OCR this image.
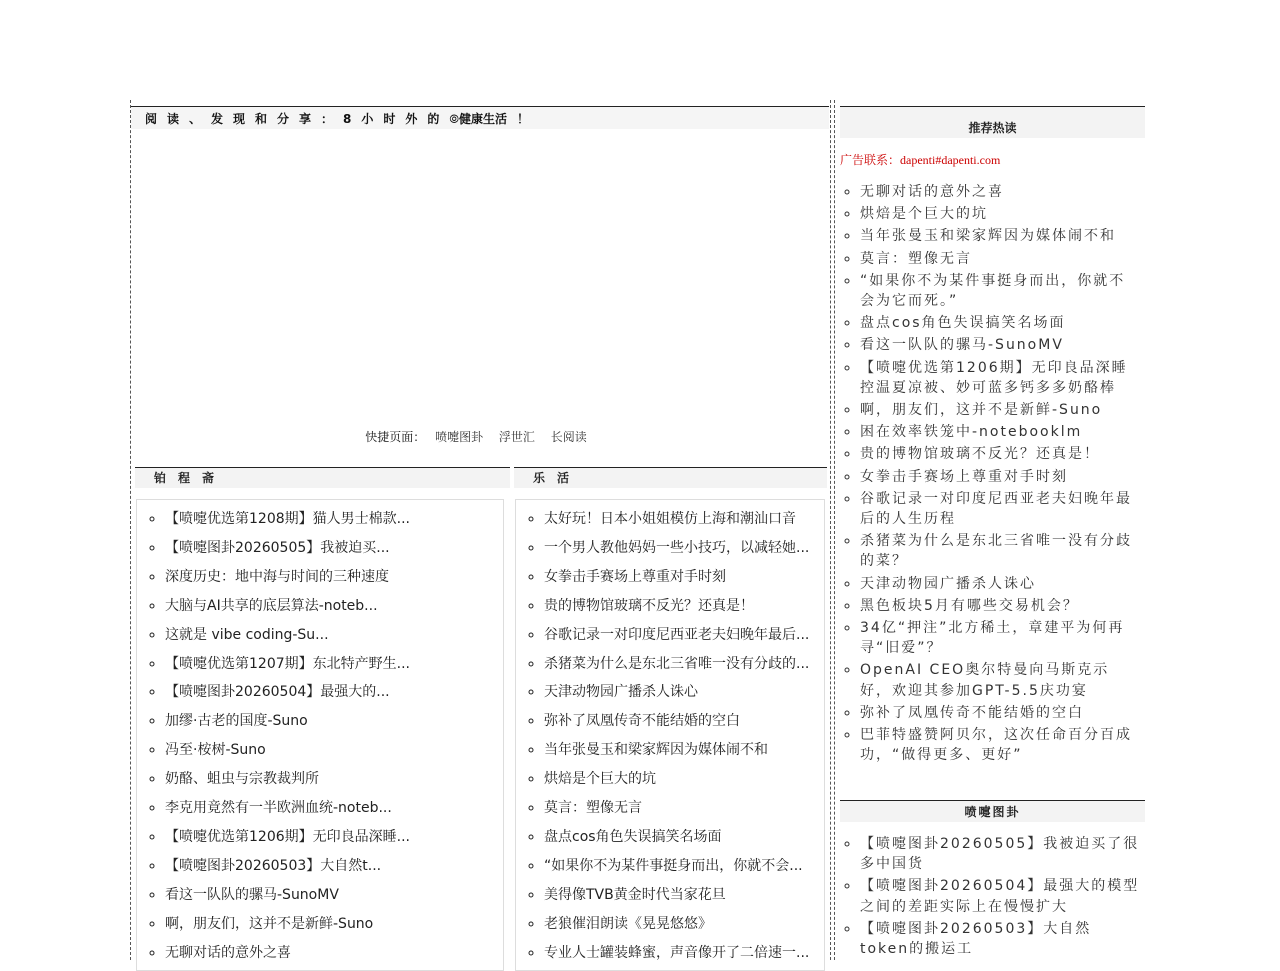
阅读、发现和分享：8小时外的⦾健康生活！
快捷页面： 喷嚏图卦 浮世汇 长阅读
铂程斋	乐活
◦ 【喷嚏优选第1208期】猫人男士棉款...
◦ 【喷嚏图卦20260505】我被迫买...
◦ 深度历史：地中海与时间的三种速度
◦ 大脑与AI共享的底层算法-noteb...
◦ 这就是 vibe coding-Su...
◦ 【喷嚏优选第1207期】东北特产野生...
◦ 【喷嚏图卦20260504】最强大的...
◦ 加缪·古老的国度-Suno
◦ 冯至·桉树-Suno
◦ 奶酪、蛆虫与宗教裁判所
◦ 李克用竟然有一半欧洲血统-noteb...
◦ 【喷嚏优选第1206期】无印良品深睡...
◦ 【喷嚏图卦20260503】大自然t...
◦ 看这一队队的骡马-SunoMV
◦ 啊，朋友们，这并不是新鲜-Suno
◦ 无聊对话的意外之喜
◦ 太好玩！日本小姐姐模仿上海和潮汕口音
◦ 一个男人教他妈妈一些小技巧，以减轻她...
◦ 女拳击手赛场上尊重对手时刻
◦ 贵的博物馆玻璃不反光？还真是！
◦ 谷歌记录一对印度尼西亚老夫妇晚年最后...
◦ 杀猪菜为什么是东北三省唯一没有分歧的...
◦ 天津动物园广播杀人诛心
◦ 弥补了凤凰传奇不能结婚的空白
◦ 当年张曼玉和梁家辉因为媒体闹不和
◦ 烘焙是个巨大的坑
◦ 莫言：塑像无言
◦ 盘点cos角色失误搞笑名场面
◦ “如果你不为某件事挺身而出，你就不会...
◦ 美得像TVB黄金时代当家花旦
◦ 老狼催泪朗读《晃晃悠悠》
◦ 专业人士罐装蜂蜜，声音像开了二倍速一...
推荐热读
广告联系：dapenti#dapenti.com
◦ 无聊对话的意外之喜
◦ 烘焙是个巨大的坑
◦ 当年张曼玉和梁家辉因为媒体闹不和
◦ 莫言：塑像无言
◦ “如果你不为某件事挺身而出，你就不会为它而死。”
◦ 盘点cos角色失误搞笑名场面
◦ 看这一队队的骡马-SunoMV
◦ 【喷嚏优选第1206期】无印良品深睡控温夏凉被、妙可蓝多钙多多奶酪棒
◦ 啊，朋友们，这并不是新鲜-Suno
◦ 困在效率铁笼中-notebooklm
◦ 贵的博物馆玻璃不反光？还真是！
◦ 女拳击手赛场上尊重对手时刻
◦ 谷歌记录一对印度尼西亚老夫妇晚年最后的人生历程
◦ 杀猪菜为什么是东北三省唯一没有分歧的菜？
◦ 天津动物园广播杀人诛心
◦ 黑色板块5月有哪些交易机会？
◦ 34亿“押注”北方稀土，章建平为何再寻“旧爱”？
◦ OpenAI CEO奥尔特曼向马斯克示好，欢迎其参加GPT-5.5庆功宴
◦ 弥补了凤凰传奇不能结婚的空白
◦ 巴菲特盛赞阿贝尔，这次任命百分百成功，“做得更多、更好”
喷嚏图卦
◦ 【喷嚏图卦20260505】我被迫买了很多中国货
◦ 【喷嚏图卦20260504】最强大的模型之间的差距实际上在慢慢扩大
◦ 【喷嚏图卦20260503】大自然token的搬运工
